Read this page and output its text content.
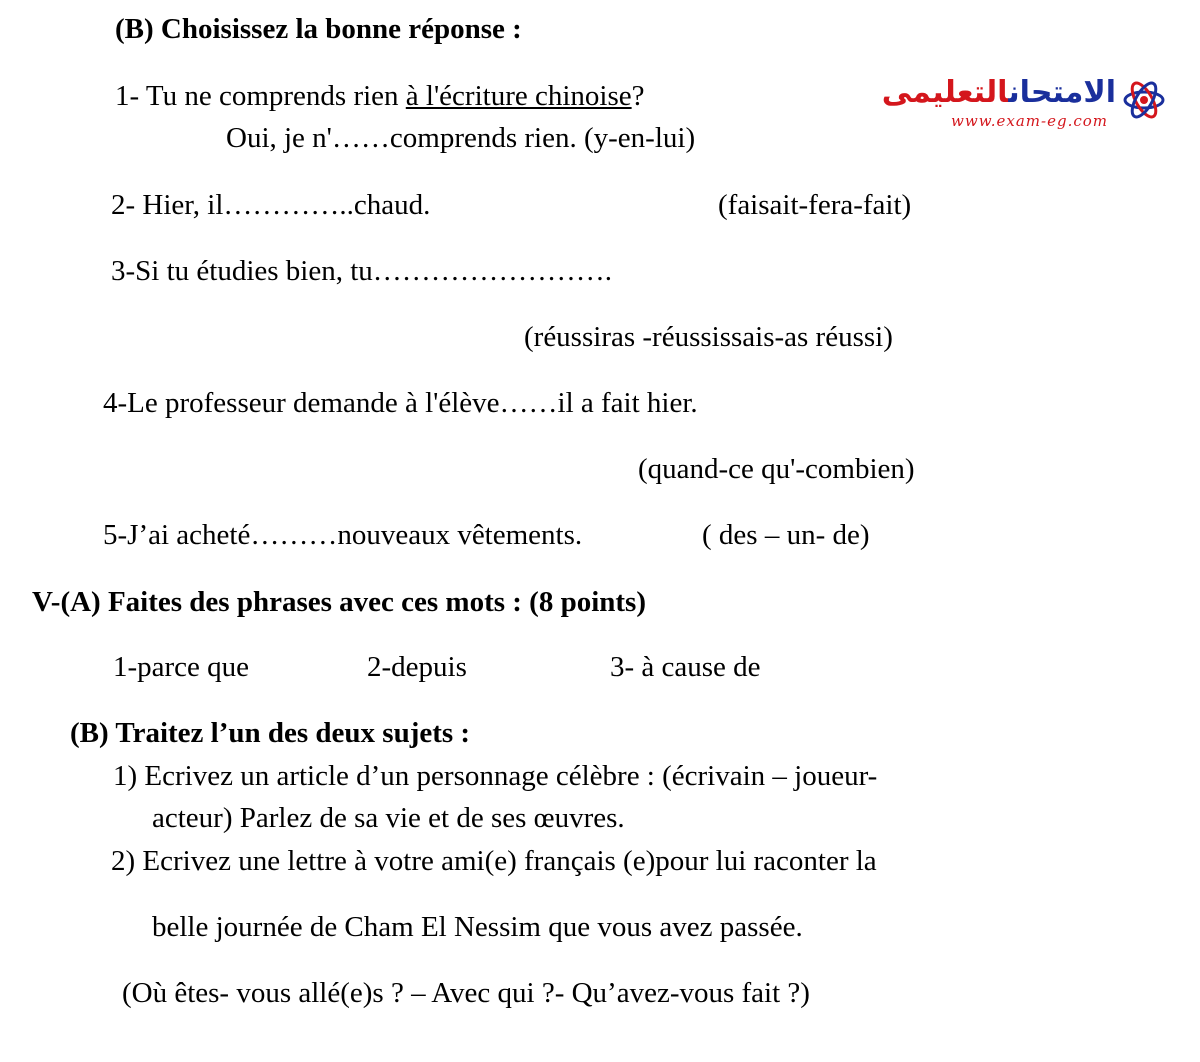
(B) Choisissez la bonne réponse :
1- Tu ne comprends rien à l'écriture chinoise?
Oui, je n'……comprends rien. (y-en-lui)
الامتحانالتعليمى
www.exam-eg.com
2- Hier, il…………..chaud.	(faisait-fera-fait)
3-Si tu étudies bien, tu…………………….
(réussiras -réussissais-as réussi)
4-Le professeur demande à l'élève……il a fait hier.
(quand-ce qu'-combien)
5-J’ai acheté………nouveaux vêtements.	( des – un- de)
V-(A) Faites des phrases avec ces mots : (8 points)
1-parce que	2-depuis	3- à cause de
(B) Traitez l’un des deux sujets :
1) Ecrivez un article d’un personnage célèbre : (écrivain – joueur-
acteur) Parlez de sa vie et de ses œuvres.
2) Ecrivez une lettre à votre ami(e) français (e)pour lui raconter la
belle journée de Cham El Nessim que vous avez passée.
(Où êtes- vous allé(e)s ? – Avec qui ?- Qu’avez-vous fait ?)
